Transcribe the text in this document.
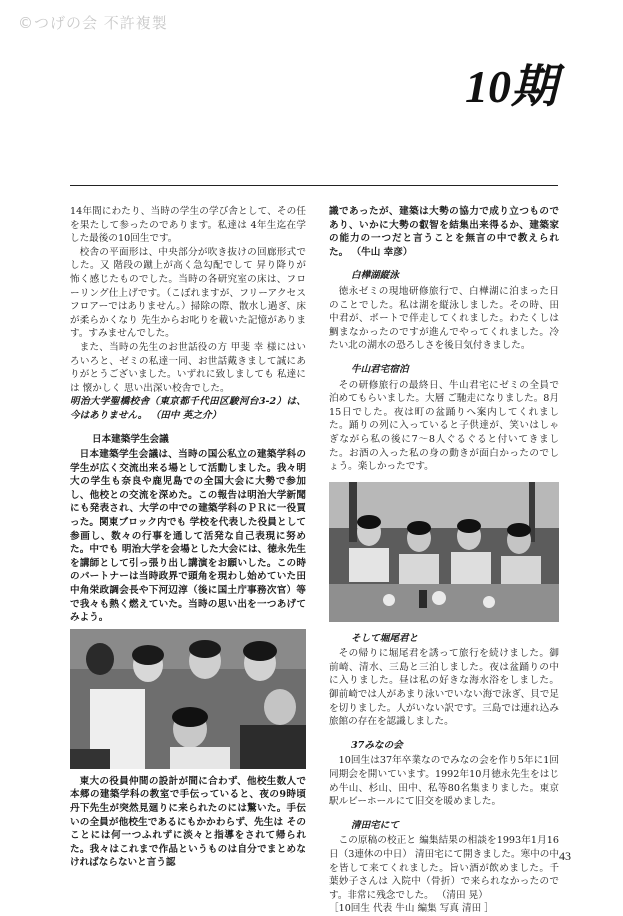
©つげの会 不許複製
10期

14年間にわたり、当時の学生の学び舎として、その任を果たして参ったのであります。私達は 4年生迄在学した最後の10回生です。

校舎の平面形は、中央部分が吹き抜けの回廊形式でした。又 階段の蹴上が高く急勾配でして 昇り降りが怖く感じたものでした。当時の各研究室の床は、フローリング仕上げです。（こぼれますが、フリーアクセスフロアーではありません。）掃除の際、散水し過ぎ、床が柔らかくなり 先生からお叱りを載いた記憶があります。すみませんでした。

また、当時の先生のお世話役の方 甲斐 幸 様にはいろいろと、ゼミの私達一同、お世話戴きまして誠にありがとうございました。いずれに致しましても 私達には 懐かしく 思い出深い校舎でした。

明治大学聖橋校舎（東京都千代田区駿河台3-2）は、今はありません。 （田中 英之介）

日本建築学生会議

日本建築学生会議は、当時の国公私立の建築学科の学生が広く交流出来る場として活動しました。我々明大の学生も奈良や鹿児島での全国大会に大勢で参加し、他校との交流を深めた。この報告は明治大学新聞にも発表され、大学の中での建築学科のＰＲに一役買った。関東ブロック内でも 学校を代表した役員として参画し、数々の行事を通して活発な自己表現に努めた。中でも 明治大学を会場とした大会には、徳永先生を講師として引っ張り出し講演をお願いした。この時のパートナーは当時政界で頭角を現わし始めていた田中角栄政調会長や下河辺淳（後に国土庁事務次官）等で我々も熱く燃えていた。当時の思い出を一つあげてみよう。

東大の役員仲間の設計が間に合わず、他校生数人で本郷の建築学科の教室で手伝っていると、夜の9時頃 丹下先生が突然見廻りに来られたのには驚いた。手伝いの全員が他校生であるにもかかわらず、先生は そのことには何一つふれずに淡々と指導をされて帰られた。我々はこれまで作品というものは自分でまとめなければならないと言う認

識であったが、建築は大勢の協力で成り立つものであり、いかに大勢の叡智を結集出来得るか、建築家の能力の一つだと言うことを無言の中で教えられた。 （牛山 幸彦）

白樺湖縦泳

徳永ゼミの現地研修旅行で、白樺湖に泊まった日のことでした。私は湖を縦泳しました。その時、田中君が、ボートで伴走してくれました。わたくしは鯛まなかったのですが進んでやってくれました。冷たい北の湖水の恐ろしさを後日気付きました。

牛山君宅宿泊

その研修旅行の最終日、牛山君宅にゼミの全員で泊めてもらいました。大層 ご馳走になりました。8月15日でした。夜は町の盆踊りへ案内してくれました。踊りの列に入っていると子供達が、笑いはしゃぎながら私の後に7～8人ぐるぐると付いてきました。お酒の入った私の身の動きが面白かったのでしょう。楽しかったです。

そして堀尾君と

その帰りに堀尾君を誘って旅行を続けました。御前崎、清水、三島と三泊しました。夜は盆踊りの中に入りました。昼は私の好きな海水浴をしました。御前崎では人があまり泳いでいない海で泳ぎ、貝で足を切りました。人がいない訳です。三島では連れ込み旅館の存在を認識しました。

37みなの会

10回生は37年卒業なのでみなの会を作り5年に1回 同期会を開いています。1992年10月徳永先生をはじめ牛山、杉山、田中、私等80名集まりました。東京駅ルビーホールにて旧交を暖めました。

清田宅にて

この原稿の校正と 編集結果の相談を1993年1月16日（3連休の中日） 清田宅にて開きました。寒中の中を皆して来てくれました。旨い酒が飲めました。千葉妙子さんは 入院中（骨折）で来られなかったのです。非常に残念でした。 （清田 晃）

［10回生 代表 牛山 編集 写真 清田 ］

43
